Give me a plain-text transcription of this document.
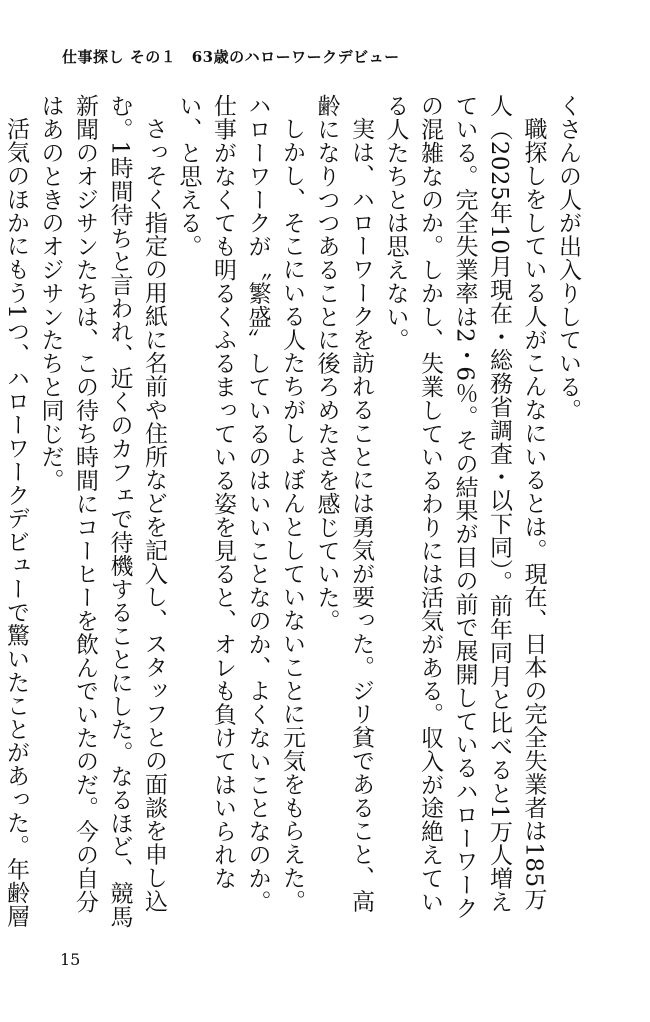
仕事探し その１　63歳のハローワークデビュー

くさんの人が出入りしている。

職探しをしている人がこんなにいるとは。現在、日本の完全失業者は185万人（2025年10月現在・総務省調査・以下同）。前年同月と比べると1万人増えている。完全失業率は2・6％。その結果が目の前で展開しているハローワークの混雑なのか。しかし、失業しているわりには活気がある。収入が途絶えている人たちとは思えない。

実は、ハローワークを訪れることには勇気が要った。ジリ貧であること、高齢になりつつあることに後ろめたさを感じていた。

しかし、そこにいる人たちがしょぼんとしていないことに元気をもらえた。ハローワークが〝繁盛〟しているのはいいことなのか、よくないことなのか。仕事がなくても明るくふるまっている姿を見ると、オレも負けてはいられない、と思える。

さっそく指定の用紙に名前や住所などを記入し、スタッフとの面談を申し込む。1時間待ちと言われ、近くのカフェで待機することにした。なるほど、競馬新聞のオジサンたちは、この待ち時間にコーヒーを飲んでいたのだ。今の自分はあのときのオジサンたちと同じだ。

活気のほかにもう1つ、ハローワークデビューで驚いたことがあった。年齢層

15
